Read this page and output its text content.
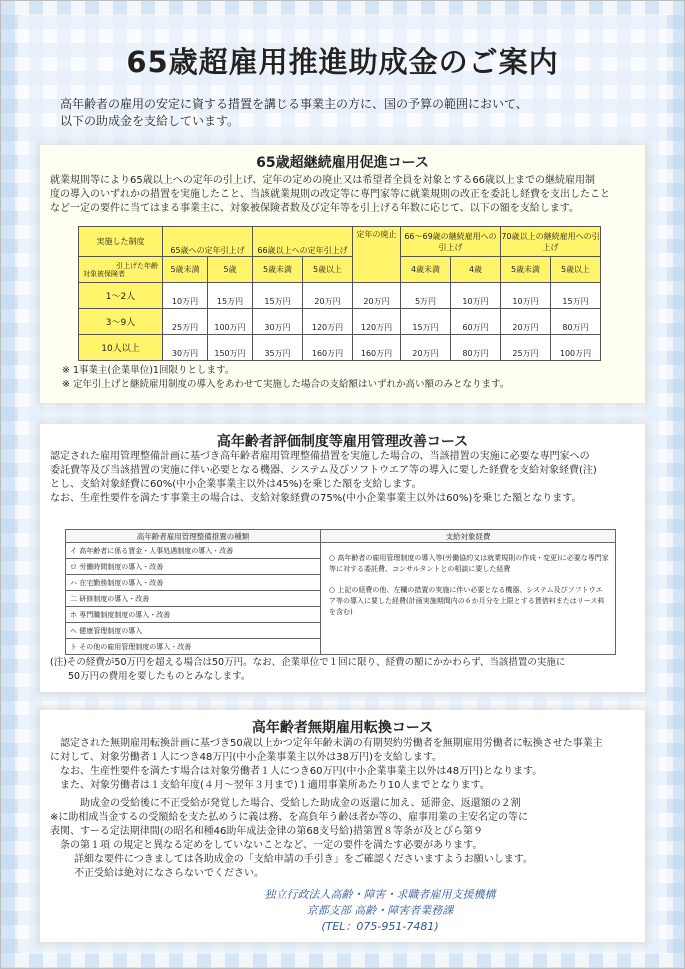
65歳超雇用推進助成金のご案内
高年齢者の雇用の安定に資する措置を講じる事業主の方に、国の予算の範囲において、
以下の助成金を支給しています。
65歳超継続雇用促進コース
就業規則等により65歳以上への定年の引上げ、定年の定めの廃止又は希望者全員を対象とする66歳以上までの継続雇用制
度の導入のいずれかの措置を実施したこと、当該就業規則の改定等に専門家等に就業規則の改正を委託し経費を支出したこと
など一定の要件に当てはまる事業主に、対象被保険者数及び定年等を引上げる年数に応じて、以下の額を支給します。
実施した制度	65歳への定年引上げ		66歳以上への定年引上げ		定年の廃止	66〜69歳の継続雇用への引上げ		70歳以上の継続雇用への引上げ	

引上げた年齢
対象被保険者	5歳未満	5歳	5歳未満	5歳以上		4歳未満	4歳	5歳未満	5歳以上
1〜2人	10万円	15万円	15万円	20万円	20万円	5万円	10万円	10万円	15万円
3〜9人	25万円	100万円	30万円	120万円	120万円	15万円	60万円	20万円	80万円
10人以上	30万円	150万円	35万円	160万円	160万円	20万円	80万円	25万円	100万円
※ 1事業主(企業単位)1回限りとします。
※ 定年引上げと継続雇用制度の導入をあわせて実施した場合の支給額はいずれか高い額のみとなります。
高年齢者評価制度等雇用管理改善コース
認定された雇用管理整備計画に基づき高年齢者雇用管理整備措置を実施した場合の、当該措置の実施に必要な専門家への
委託費等及び当該措置の実施に伴い必要となる機器、システム及びソフトウエア等の導入に要した経費を支給対象経費(注)
とし、支給対象経費に60%(中小企業事業主以外は45%)を乗じた額を支給します。
なお、生産性要件を満たす事業主の場合は、支給対象経費の75%(中小企業事業主以外は60%)を乗じた額となります。
高年齢者雇用管理整備措置の種類	支給対象経費
イ 高年齢者に係る賃金・人事処遇制度の導入・改善	○ 高年齢者の雇用管理制度の導入等(労働協約又は就業規則の作成・変更)に必要な専門家等に対する委託費、コンサルタントとの相談に要した経費

○ 上記の経費の他、左欄の措置の実施に伴い必要となる機器、システム及びソフトウエア等の導入に要した経費(計画実施期間内の６か月分を上限とする賃借料またはリース料を含む)

ロ 労働時間制度の導入・改善	
ハ 在宅勤務制度の導入・改善	
二 研修制度の導入・改善	
ホ 専門職制度制度の導入・改善	
ヘ 健康管理制度の導入	
ト その他の雇用管理制度の導入・改善	
(注)その経費が50万円を超える場合は50万円。なお、企業単位で１回に限り、経費の額にかかわらず、当該措置の実施に
50万円の費用を要したものとみなします。
高年齢者無期雇用転換コース
認定された無期雇用転換計画に基づき50歳以上かつ定年年齢未満の有期契約労働者を無期雇用労働者に転換させた事業主
に対して、対象労働者１人につき48万円(中小企業事業主以外は38万円)を支給します。
なお、生産性要件を満たす場合は対象労働者１人につき60万円(中小企業事業主以外は48万円)となります。
また、対象労働者は１支給年度(４月〜翌年３月まで)１適用事業所あたり10人までとなります。
助成金の受給後に不正受給が発覚した場合、受給した助成金の返還に加え、延滞金、返還額の２割
※に助相成当金するの受額給を支た払めうに義は務、を高負年う齢ほ者か等の、雇事用業の主安名定の等に
表関、すーる定法期律間(の昭名和種46助年成法金律の第68支号給)措第置８等条が及とびら第９
条の第１項 の規定と異なる定めをしていないことなど、一定の要件を満たす必要があります。
詳細な要件につきましては各助成金の「支給申請の手引き」をご確認くださいますようお願いします。
不正受給は絶対になさらないでください。
独立行政法人高齢・障害・求職者雇用支援機構
京都支部 高齢・障害者業務課
(TEL：075-951-7481)
